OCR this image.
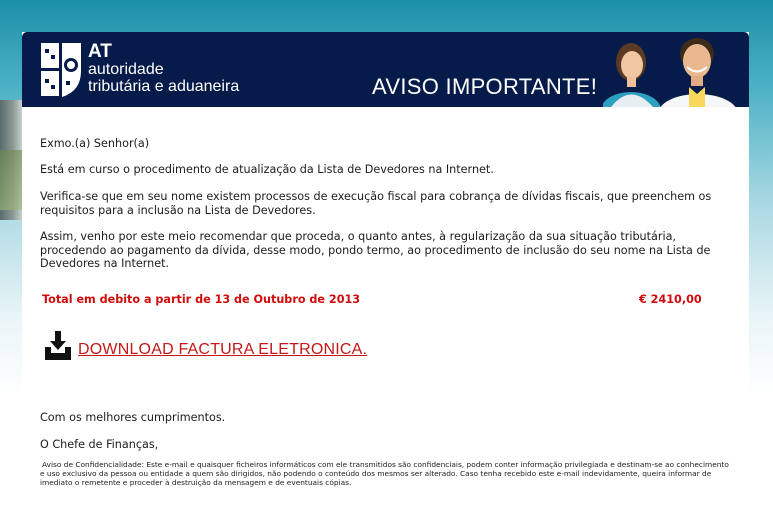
AT
autoridade
tributária e aduaneira	AVISO IMPORTANTE!

Exmo.(a) Senhor(a)

Está em curso o procedimento de atualização da Lista de Devedores na Internet.

Verifica-se que em seu nome existem processos de execução fiscal para cobrança de dívidas fiscais, que preenchem os requisitos para a inclusão na Lista de Devedores.

Assim, venho por este meio recomendar que proceda, o quanto antes, à regularização da sua situação tributária, procedendo ao pagamento da dívida, desse modo, pondo termo, ao procedimento de inclusão do seu nome na Lista de Devedores na Internet.

Total em debito a partir de 13 de Outubro de 2013	€ 2410,00
DOWNLOAD FACTURA ELETRONICA.

Com os melhores cumprimentos.

O Chefe de Finanças,

Aviso de Confidencialidade: Este e-mail e quaisquer ficheiros informáticos com ele transmitidos são confidenciais, podem conter informação privilegiada e destinam-se ao conhecimento e uso exclusivo da pessoa ou entidade a quem são dirigidos, não podendo o conteúdo dos mesmos ser alterado. Caso tenha recebido este e-mail indevidamente, queira informar de imediato o remetente e proceder à destruição da mensagem e de eventuais cópias.
